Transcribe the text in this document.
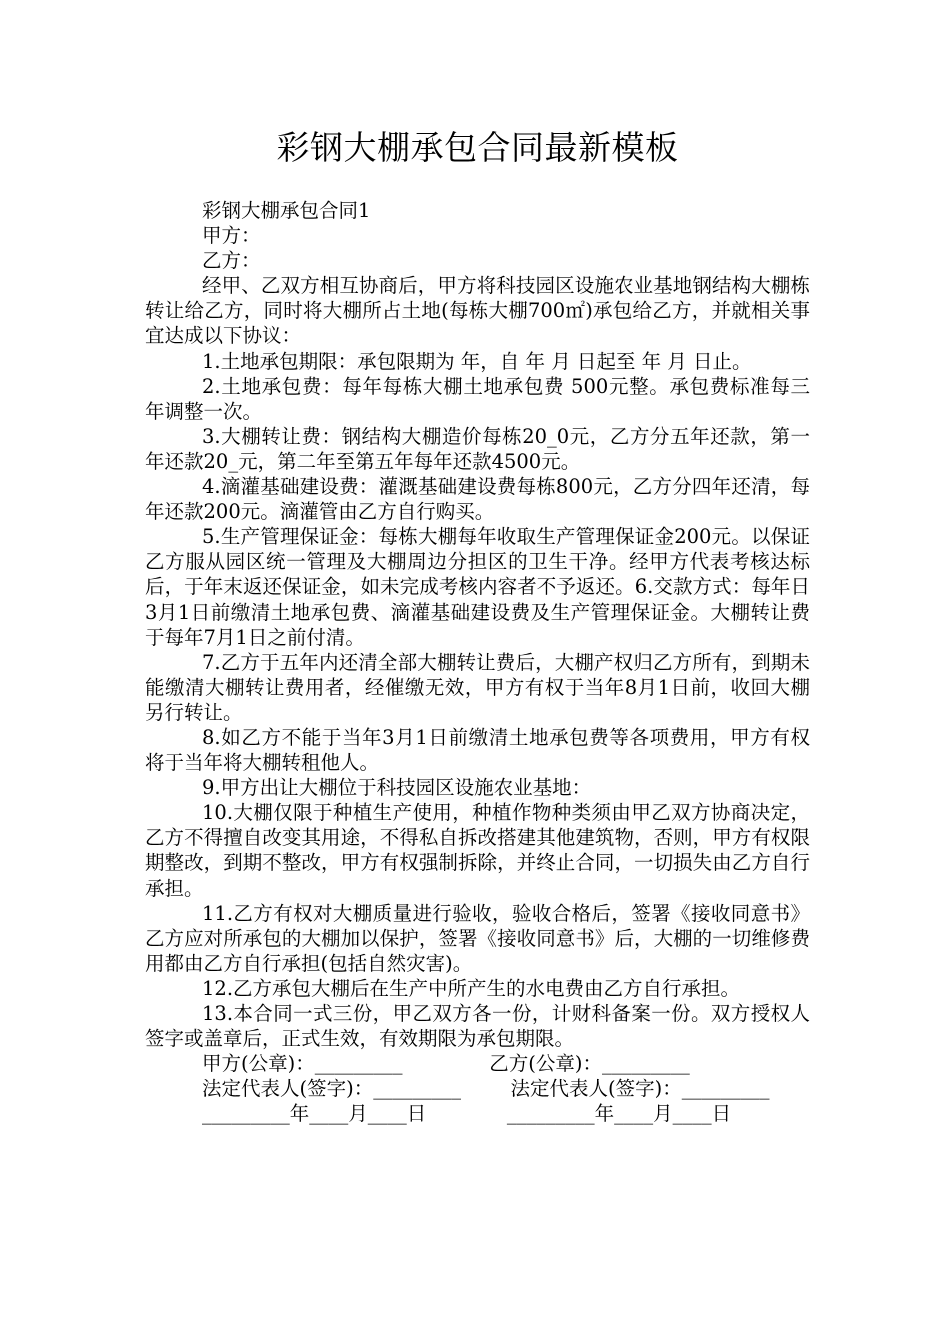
彩钢大棚承包合同最新模板

彩钢大棚承包合同1

甲方：

乙方：

经甲、乙双方相互协商后，甲方将科技园区设施农业基地钢结构大棚栋转让给乙方，同时将大棚所占土地(每栋大棚700㎡)承包给乙方，并就相关事宜达成以下协议：

1.土地承包期限：承包限期为 年，自 年 月 日起至 年 月 日止。

2.土地承包费：每年每栋大棚土地承包费 500元整。承包费标准每三年调整一次。

3.大棚转让费：钢结构大棚造价每栋20_0元，乙方分五年还款，第一年还款20_元，第二年至第五年每年还款4500元。

4.滴灌基础建设费：灌溉基础建设费每栋800元，乙方分四年还清，每年还款200元。滴灌管由乙方自行购买。

5.生产管理保证金：每栋大棚每年收取生产管理保证金200元。以保证乙方服从园区统一管理及大棚周边分担区的卫生干净。经甲方代表考核达标后，于年末返还保证金，如未完成考核内容者不予返还。6.交款方式：每年日3月1日前缴清土地承包费、滴灌基础建设费及生产管理保证金。大棚转让费于每年7月1日之前付清。

7.乙方于五年内还清全部大棚转让费后，大棚产权归乙方所有，到期未能缴清大棚转让费用者，经催缴无效，甲方有权于当年8月1日前，收回大棚另行转让。

8.如乙方不能于当年3月1日前缴清土地承包费等各项费用，甲方有权将于当年将大棚转租他人。

9.甲方出让大棚位于科技园区设施农业基地：

10.大棚仅限于种植生产使用，种植作物种类须由甲乙双方协商决定，乙方不得擅自改变其用途，不得私自拆改搭建其他建筑物，否则，甲方有权限期整改，到期不整改，甲方有权强制拆除，并终止合同，一切损失由乙方自行承担。

11.乙方有权对大棚质量进行验收，验收合格后，签署《接收同意书》乙方应对所承包的大棚加以保护，签署《接收同意书》后，大棚的一切维修费用都由乙方自行承担(包括自然灾害)。

12.乙方承包大棚后在生产中所产生的水电费由乙方自行承担。

13.本合同一式三份，甲乙双方各一份，计财科备案一份。双方授权人签字或盖章后，正式生效，有效期限为承包期限。

甲方(公章)：_________              乙方(公章)：_________

法定代表人(签字)：_________        法定代表人(签字)：_________

_________年____月____日             _________年____月____日
